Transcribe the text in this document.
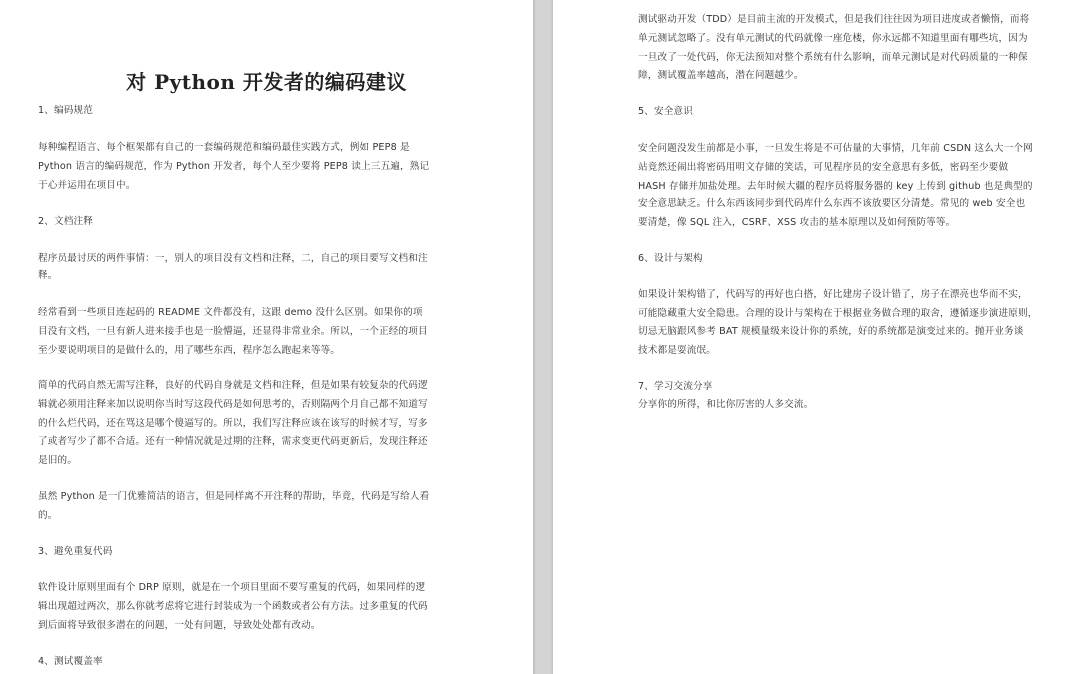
对 Python 开发者的编码建议
1、编码规范
每种编程语言、每个框架都有自己的一套编码规范和编码最佳实践方式，例如 PEP8 是
Python 语言的编码规范，作为 Python 开发者，每个人至少要将 PEP8 读上三五遍，熟记
于心并运用在项目中。
2、文档注释
程序员最讨厌的两件事情：一，别人的项目没有文档和注释，二，自己的项目要写文档和注
释。
经常看到一些项目连起码的 README 文件都没有，这跟 demo 没什么区别。如果你的项
目没有文档，一旦有新人进来接手也是一脸懵逼，还显得非常业余。所以，一个正经的项目
至少要说明项目的是做什么的，用了哪些东西，程序怎么跑起来等等。
简单的代码自然无需写注释，良好的代码自身就是文档和注释，但是如果有较复杂的代码逻
辑就必须用注释来加以说明你当时写这段代码是如何思考的，否则隔两个月自己都不知道写
的什么烂代码，还在骂这是哪个傻逼写的。所以，我们写注释应该在该写的时候才写，写多
了或者写少了都不合适。还有一种情况就是过期的注释，需求变更代码更新后，发现注释还
是旧的。
虽然 Python 是一门优雅简洁的语言，但是同样离不开注释的帮助，毕竟，代码是写给人看
的。
3、避免重复代码
软件设计原则里面有个 DRP 原则，就是在一个项目里面不要写重复的代码，如果同样的逻
辑出现超过两次，那么你就考虑将它进行封装成为一个函数或者公有方法。过多重复的代码
到后面将导致很多潜在的问题，一处有问题，导致处处都有改动。
4、测试覆盖率
测试驱动开发（TDD）是目前主流的开发模式，但是我们往往因为项目进度或者懒惰，而将
单元测试忽略了。没有单元测试的代码就像一座危楼，你永远都不知道里面有哪些坑，因为
一旦改了一处代码，你无法预知对整个系统有什么影响，而单元测试是对代码质量的一种保
障，测试覆盖率越高，潜在问题越少。
5、安全意识
安全问题没发生前都是小事，一旦发生将是不可估量的大事情，几年前 CSDN 这么大一个网
站竟然还闹出将密码用明文存储的笑话，可见程序员的安全意思有多低，密码至少要做
HASH 存储并加盐处理。去年时候大疆的程序员将服务器的 key 上传到 github 也是典型的
安全意思缺乏。什么东西该同步到代码库什么东西不该放要区分清楚。常见的 web 安全也
要清楚，像 SQL 注入，CSRF、XSS 攻击的基本原理以及如何预防等等。
6、设计与架构
如果设计架构错了，代码写的再好也白搭，好比建房子设计错了，房子在漂亮也华而不实，
可能隐藏重大安全隐患。合理的设计与架构在于根据业务做合理的取舍，遵循逐步演进原则，
切忌无脑跟风参考 BAT 规模量级来设计你的系统，好的系统都是演变过来的。抛开业务谈
技术都是耍流氓。
7、学习交流分享
分享你的所得，和比你厉害的人多交流。
